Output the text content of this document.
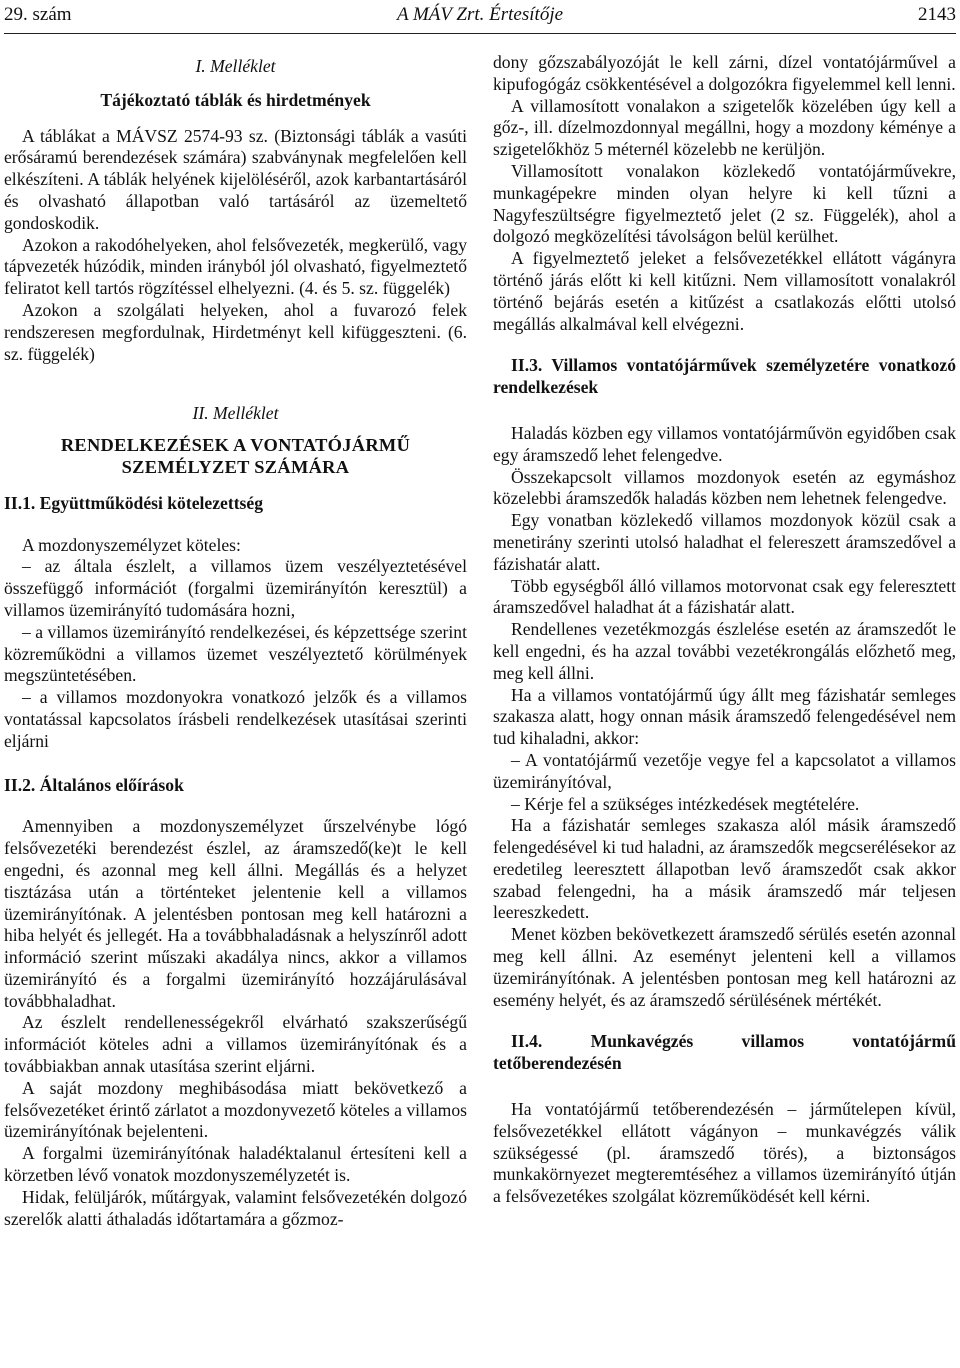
29. szám	A MÁV Zrt. Értesítője	2143

I. Melléklet

Tájékoztató táblák és hirdetmények

A táblákat a MÁVSZ 2574-93 sz. (Biztonsági táblák a vasúti erősáramú berendezések számára) szabványnak megfelelően kell elkészíteni. A táblák helyének kijelöléséről, azok karbantartásáról és olvasható állapotban való tartásáról az üzemeltető gondoskodik.

Azokon a rakodóhelyeken, ahol felsővezeték, megkerülő, vagy tápvezeték húzódik, minden irányból jól olvasható, figyelmeztető feliratot kell tartós rögzítéssel elhelyezni. (4. és 5. sz. függelék)

Azokon a szolgálati helyeken, ahol a fuvarozó felek rendszeresen megfordulnak, Hirdetményt kell kifüggeszteni. (6. sz. függelék)

II. Melléklet

RENDELKEZÉSEK A VONTATÓJÁRMŰ

SZEMÉLYZET SZÁMÁRA

II.1. Együttműködési kötelezettség

A mozdonyszemélyzet köteles:

– az általa észlelt, a villamos üzem veszélyeztetésével összefüggő információt (forgalmi üzemirányítón keresztül) a villamos üzemirányító tudomására hozni,

– a villamos üzemirányító rendelkezései, és képzettsége szerint közreműködni a villamos üzemet veszélyeztető körülmények megszüntetésében.

– a villamos mozdonyokra vonatkozó jelzők és a villamos vontatással kapcsolatos írásbeli rendelkezések utasításai szerinti eljárni

II.2. Általános előírások

Amennyiben a mozdonyszemélyzet űrszelvénybe lógó felsővezetéki berendezést észlel, az áramszedő(ke)t le kell engedni, és azonnal meg kell állni. Megállás és a helyzet tisztázása után a történteket jelentenie kell a villamos üzemirányítónak. A jelentésben pontosan meg kell határozni a hiba helyét és jellegét. Ha a továbbhaladásnak a helyszínről adott információ szerint műszaki akadálya nincs, akkor a villamos üzemirányító és a forgalmi üzemirányító hozzájárulásával továbbhaladhat.

Az észlelt rendellenességekről elvárható szakszerűségű információt köteles adni a villamos üzemirányítónak és a továbbiakban annak utasítása szerint eljárni.

A saját mozdony meghibásodása miatt bekövetkező a felsővezetéket érintő zárlatot a mozdonyvezető köteles a villamos üzemirányítónak bejelenteni.

A forgalmi üzemirányítónak haladéktalanul értesíteni kell a körzetben lévő vonatok mozdonyszemélyzetét is.

Hidak, felüljárók, műtárgyak, valamint felsővezetékén dolgozó szerelők alatti áthaladás időtartamára a gőzmoz-

dony gőzszabályozóját le kell zárni, dízel vontatójárművel a kipufogógáz csökkentésével a dolgozókra figyelemmel kell lenni.

A villamosított vonalakon a szigetelők közelében úgy kell a gőz-, ill. dízelmozdonnyal megállni, hogy a mozdony kéménye a szigetelőkhöz 5 méternél közelebb ne kerüljön.

Villamosított vonalakon közlekedő vontatójárművekre, munkagépekre minden olyan helyre ki kell tűzni a Nagyfeszültségre figyelmeztető jelet (2 sz. Függelék), ahol a dolgozó megközelítési távolságon belül kerülhet.

A figyelmeztető jeleket a felsővezetékkel ellátott vágányra történő járás előtt ki kell kitűzni. Nem villamosított vonalakról történő bejárás esetén a kitűzést a csatlakozás előtti utolsó megállás alkalmával kell elvégezni.

II.3. Villamos vontatójárművek személyzetére vonatkozó rendelkezések

Haladás közben egy villamos vontatójárművön egyidőben csak egy áramszedő lehet felengedve.

Összekapcsolt villamos mozdonyok esetén az egymáshoz közelebbi áramszedők haladás közben nem lehetnek felengedve.

Egy vonatban közlekedő villamos mozdonyok közül csak a menetirány szerinti utolsó haladhat el felereszett áramszedővel a fázishatár alatt.

Több egységből álló villamos motorvonat csak egy feleresztett áramszedővel haladhat át a fázishatár alatt.

Rendellenes vezetékmozgás észlelése esetén az áramszedőt le kell engedni, és ha azzal további vezetékrongálás előzhető meg, meg kell állni.

Ha a villamos vontatójármű úgy állt meg fázishatár semleges szakasza alatt, hogy onnan másik áramszedő felengedésével nem tud kihaladni, akkor:

– A vontatójármű vezetője vegye fel a kapcsolatot a villamos üzemirányítóval,

– Kérje fel a szükséges intézkedések megtételére.

Ha a fázishatár semleges szakasza alól másik áramszedő felengedésével ki tud haladni, az áramszedők megcserélésekor az eredetileg leeresztett állapotban levő áramszedőt csak akkor szabad felengedni, ha a másik áramszedő már teljesen leereszkedett.

Menet közben bekövetkezett áramszedő sérülés esetén azonnal meg kell állni. Az eseményt jelenteni kell a villamos üzemirányítónak. A jelentésben pontosan meg kell határozni az esemény helyét, és az áramszedő sérülésének mértékét.

II.4. Munkavégzés villamos vontatójármű tetőberendezésén

Ha vontatójármű tetőberendezésén – járműtelepen kívül, felsővezetékkel ellátott vágányon – munkavégzés válik szükségessé (pl. áramszedő törés), a biztonságos munkakörnyezet megteremtéséhez a villamos üzemirányító útján a felsővezetékes szolgálat közreműködését kell kérni.
